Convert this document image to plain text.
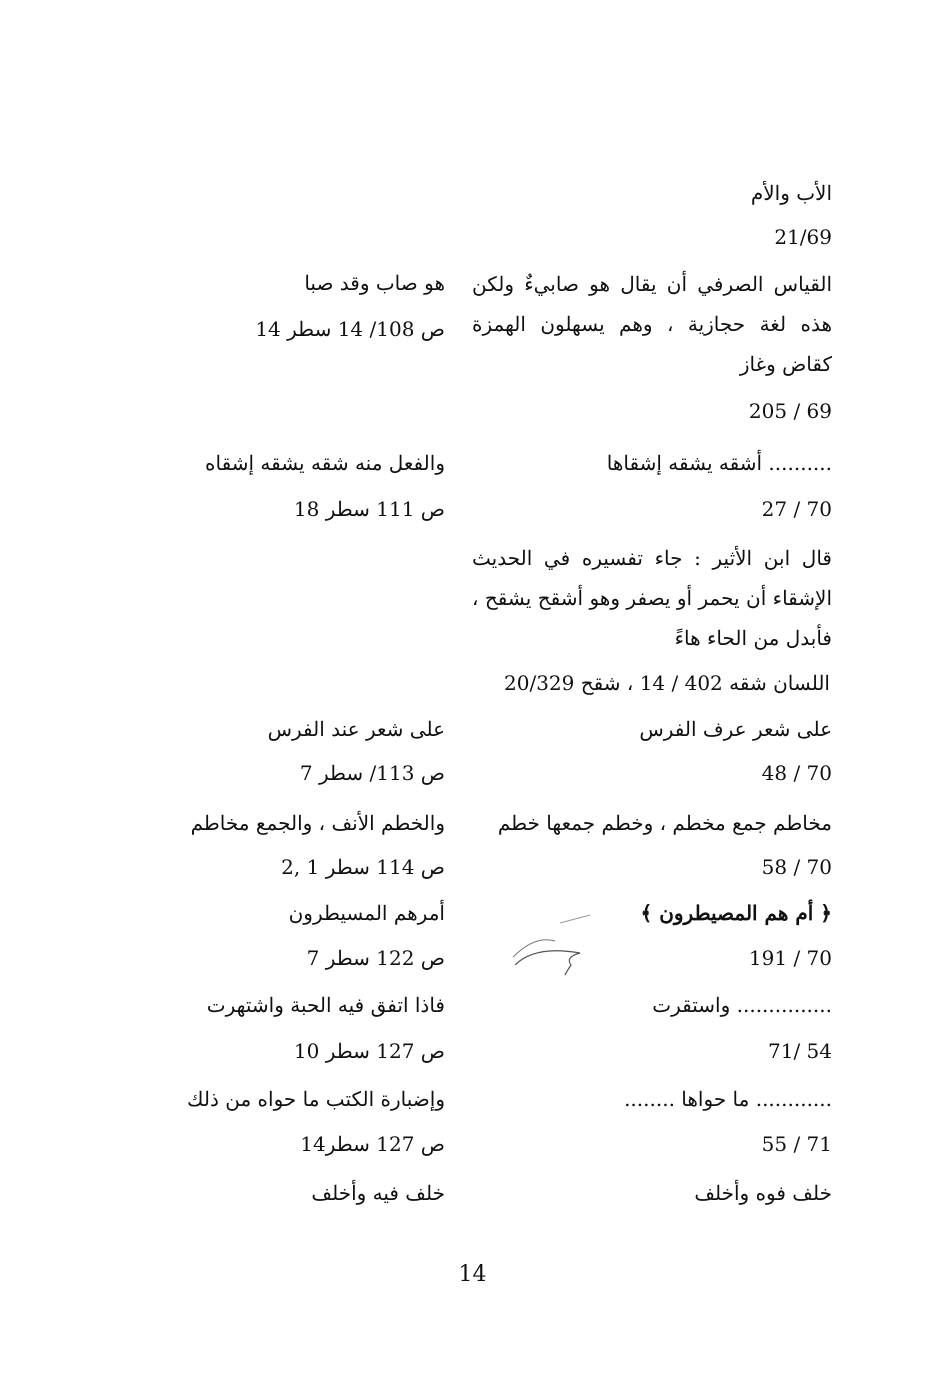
الأب والأم
21/69
القياس الصرفي أن يقال هو صابيءٌ ولكن هذه لغة حجازية ، وهم يسهلون الهمزة كقاض وغاز
205 / 69
.......... أشقه يشقه إشقاها
27 / 70
قال ابن الأثير : جاء تفسيره في الحديث الإشقاء أن يحمر أو يصفر وهو أشقح يشقح ، فأبدل من الحاء هاءً
اللسان شقه 402 / 14 ، شقح 20/329
على شعر عرف الفرس
48 / 70
مخاطم جمع مخطم ، وخطم جمعها خطم
58 / 70
﴿ أم هم المصيطرون ﴾
191 / 70
............... واستقرت
71/ 54
............ ما حواها ........
55 / 71
خلف فوه وأخلف
هو صاب وقد صبا
ص 108/ 14 سطر 14
والفعل منه شقه يشقه إشقاه
ص 111 سطر 18
على شعر عند الفرس
ص 113/ سطر 7
والخطم الأنف ، والجمع مخاطم
ص 114 سطر 1 ,2
أمرهم المسيطرون
ص 122 سطر 7
فاذا اتفق فيه الحبة واشتهرت
ص 127 سطر 10
وإضبارة الكتب ما حواه من ذلك
ص 127 سطر14
خلف فيه وأخلف
14
